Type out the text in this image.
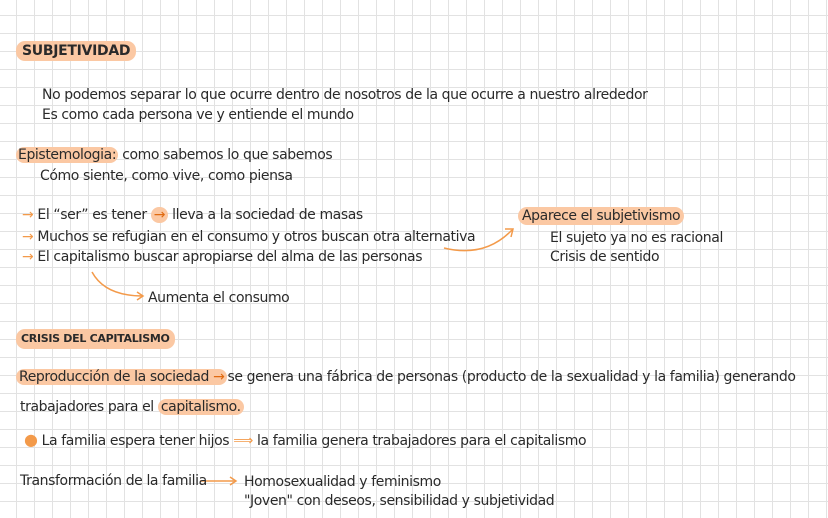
SUBJETIVIDAD
No podemos separar lo que ocurre dentro de nosotros de la que ocurre a nuestro alrededor
Es como cada persona ve y entiende el mundo
Epistemologia: como sabemos lo que sabemos
Cómo siente, como vive, como piensa
→ El “ser” es tener → lleva a la sociedad de masas
→ Muchos se refugian en el consumo y otros buscan otra alternativa
→ El capitalismo buscar apropiarse del alma de las personas
Aparece el subjetivismo
El sujeto ya no es racional
Crisis de sentido
Aumenta el consumo
CRISIS DEL CAPITALISMO
Reproducción de la sociedad → se genera una fábrica de personas (producto de la sexualidad y la familia) generando
trabajadores para el capitalismo.
● La familia espera tener hijos ⟹ la familia genera trabajadores para el capitalismo
Transformación de la familia	Homosexualidad y feminismo
"Joven" con deseos, sensibilidad y subjetividad
